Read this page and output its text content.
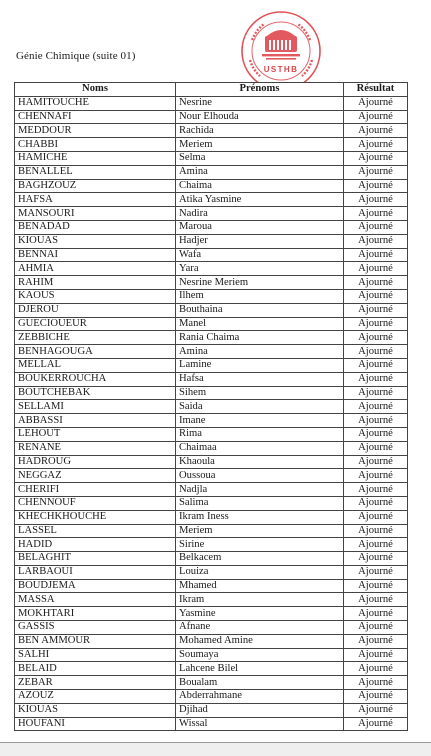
Génie Chimique (suite 01)
USTHB
Noms	Prénoms	Résultat
HAMITOUCHE	Nesrine	Ajourné
CHENNAFI	Nour Elhouda	Ajourné
MEDDOUR	Rachida	Ajourné
CHABBI	Meriem	Ajourné
HAMICHE	Selma	Ajourné
BENALLEL	Amina	Ajourné
BAGHZOUZ	Chaima	Ajourné
HAFSA	Atika Yasmine	Ajourné
MANSOURI	Nadira	Ajourné
BENADAD	Maroua	Ajourné
KIOUAS	Hadjer	Ajourné
BENNAI	Wafa	Ajourné
AHMIA	Yara	Ajourné
RAHIM	Nesrine Meriem	Ajourné
KAOUS	Ilhem	Ajourné
DJEROU	Bouthaina	Ajourné
GUECIOUEUR	Manel	Ajourné
ZEBBICHE	Rania Chaima	Ajourné
BENHAGOUGA	Amina	Ajourné
MELLAL	Lamine	Ajourné
BOUKERROUCHA	Hafsa	Ajourné
BOUTCHEBAK	Sihem	Ajourné
SELLAMI	Saida	Ajourné
ABBASSI	Imane	Ajourné
LEHOUT	Rima	Ajourné
RENANE	Chaimaa	Ajourné
HADROUG	Khaoula	Ajourné
NEGGAZ	Oussoua	Ajourné
CHERIFI	Nadjla	Ajourné
CHENNOUF	Salima	Ajourné
KHECHKHOUCHE	Ikram Iness	Ajourné
LASSEL	Meriem	Ajourné
HADID	Sirine	Ajourné
BELAGHIT	Belkacem	Ajourné
LARBAOUI	Louiza	Ajourné
BOUDJEMA	Mhamed	Ajourné
MASSA	Ikram	Ajourné
MOKHTARI	Yasmine	Ajourné
GASSIS	Afnane	Ajourné
BEN AMMOUR	Mohamed Amine	Ajourné
SALHI	Soumaya	Ajourné
BELAID	Lahcene Bilel	Ajourné
ZEBAR	Boualam	Ajourné
AZOUZ	Abderrahmane	Ajourné
KIOUAS	Djihad	Ajourné
HOUFANI	Wissal	Ajourné
